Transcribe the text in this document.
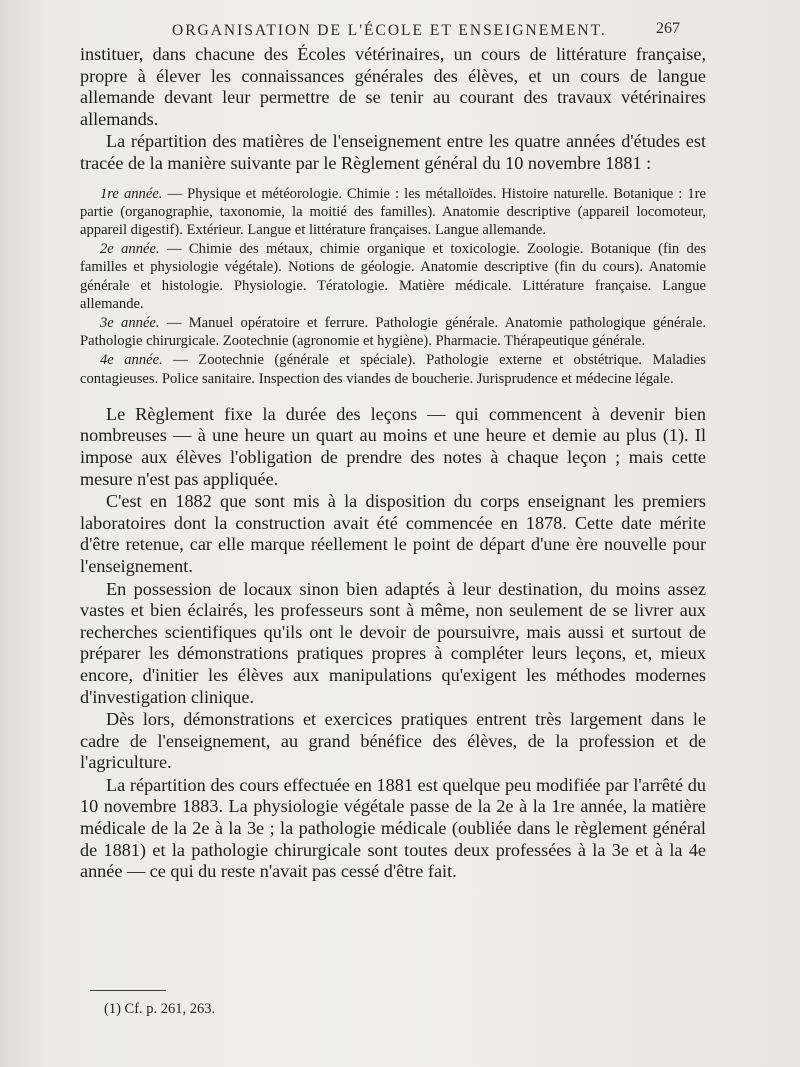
ORGANISATION DE L'ÉCOLE ET ENSEIGNEMENT.	267

instituer, dans chacune des Écoles vétérinaires, un cours de littérature française, propre à élever les connaissances générales des élèves, et un cours de langue allemande devant leur permettre de se tenir au courant des travaux vétérinaires allemands.

La répartition des matières de l'enseignement entre les quatre années d'études est tracée de la manière suivante par le Règlement général du 10 novembre 1881 :

1re année. — Physique et météorologie. Chimie : les métalloïdes. Histoire naturelle. Botanique : 1re partie (organographie, taxonomie, la moitié des familles). Anatomie descriptive (appareil locomoteur, appareil digestif). Extérieur. Langue et littérature françaises. Langue allemande.

2e année. — Chimie des métaux, chimie organique et toxicologie. Zoologie. Botanique (fin des familles et physiologie végétale). Notions de géologie. Anatomie descriptive (fin du cours). Anatomie générale et histologie. Physiologie. Tératologie. Matière médicale. Littérature française. Langue allemande.

3e année. — Manuel opératoire et ferrure. Pathologie générale. Anatomie pathologique générale. Pathologie chirurgicale. Zootechnie (agronomie et hygiène). Pharmacie. Thérapeutique générale.

4e année. — Zootechnie (générale et spéciale). Pathologie externe et obstétrique. Maladies contagieuses. Police sanitaire. Inspection des viandes de boucherie. Jurisprudence et médecine légale.

Le Règlement fixe la durée des leçons — qui commencent à devenir bien nombreuses — à une heure un quart au moins et une heure et demie au plus (1). Il impose aux élèves l'obligation de prendre des notes à chaque leçon ; mais cette mesure n'est pas appliquée.

C'est en 1882 que sont mis à la disposition du corps enseignant les premiers laboratoires dont la construction avait été commencée en 1878. Cette date mérite d'être retenue, car elle marque réellement le point de départ d'une ère nouvelle pour l'enseignement.

En possession de locaux sinon bien adaptés à leur destination, du moins assez vastes et bien éclairés, les professeurs sont à même, non seulement de se livrer aux recherches scientifiques qu'ils ont le devoir de poursuivre, mais aussi et surtout de préparer les démonstrations pratiques propres à compléter leurs leçons, et, mieux encore, d'initier les élèves aux manipulations qu'exigent les méthodes modernes d'investigation clinique.

Dès lors, démonstrations et exercices pratiques entrent très largement dans le cadre de l'enseignement, au grand bénéfice des élèves, de la profession et de l'agriculture.

La répartition des cours effectuée en 1881 est quelque peu modifiée par l'arrêté du 10 novembre 1883. La physiologie végétale passe de la 2e à la 1re année, la matière médicale de la 2e à la 3e ; la pathologie médicale (oubliée dans le règlement général de 1881) et la pathologie chirurgicale sont toutes deux professées à la 3e et à la 4e année — ce qui du reste n'avait pas cessé d'être fait.

(1) Cf. p. 261, 263.
